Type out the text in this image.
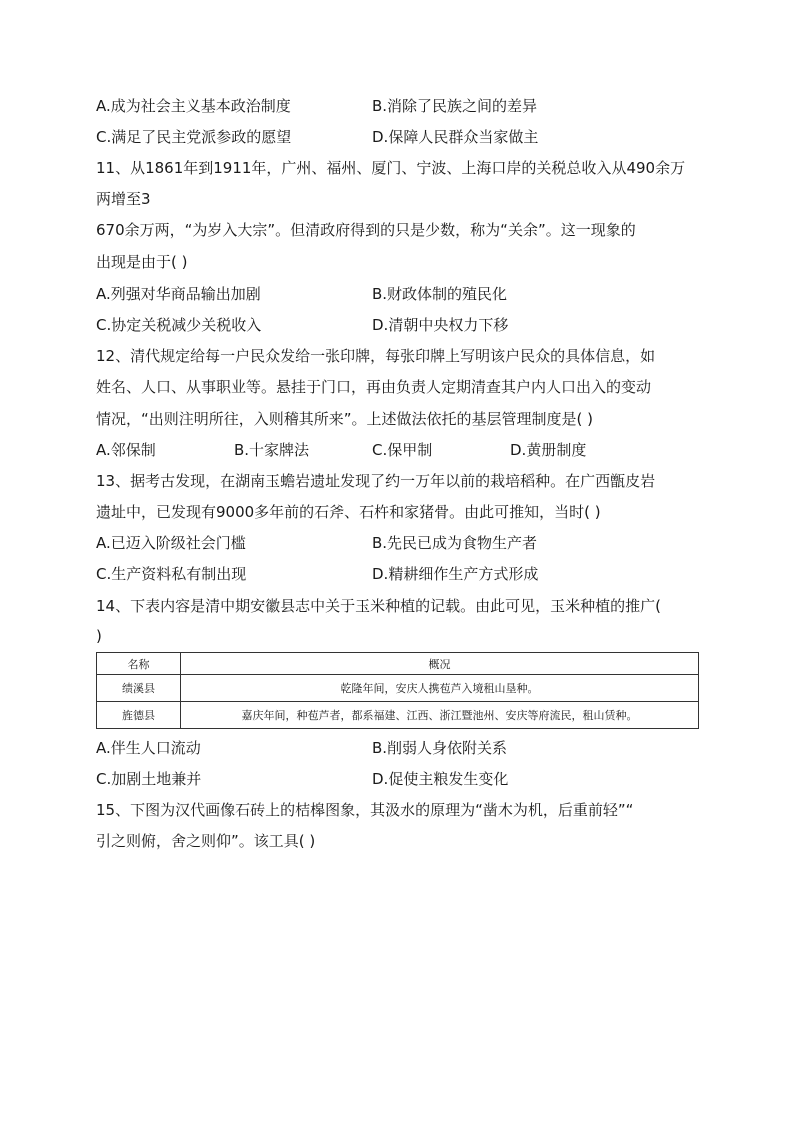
A.成为社会主义基本政治制度	B.消除了民族之间的差异
C.满足了民主党派参政的愿望	D.保障人民群众当家做主
11、从1861年到1911年，广州、福州、厦门、宁波、上海口岸的关税总收入从490余万
两增至3
670余万两，“为岁入大宗”。但清政府得到的只是少数，称为“关余”。这一现象的
出现是由于( )
A.列强对华商品输出加剧	B.财政体制的殖民化
C.协定关税减少关税收入	D.清朝中央权力下移
12、清代规定给每一户民众发给一张印牌，每张印牌上写明该户民众的具体信息，如
姓名、人口、从事职业等。悬挂于门口，再由负责人定期清查其户内人口出入的变动
情况，“出则注明所往，入则稽其所来”。上述做法依托的基层管理制度是( )
A.邻保制	B.十家牌法	C.保甲制	D.黄册制度
13、据考古发现，在湖南玉蟾岩遗址发现了约一万年以前的栽培稻种。在广西甑皮岩
遗址中，已发现有9000多年前的石斧、石杵和家猪骨。由此可推知，当时( )
A.已迈入阶级社会门槛	B.先民已成为食物生产者
C.生产资料私有制出现	D.精耕细作生产方式形成
14、下表内容是清中期安徽县志中关于玉米种植的记载。由此可见，玉米种植的推广(
)
名称	概况
绩溪县	乾隆年间，安庆人携苞芦入境租山垦种。
旌德县	嘉庆年间，种苞芦者，都系福建、江西、浙江暨池州、安庆等府流民，租山赁种。
A.伴生人口流动	B.削弱人身依附关系
C.加剧土地兼并	D.促使主粮发生变化
15、下图为汉代画像石砖上的桔槔图象，其汲水的原理为“凿木为机，后重前轻”“
引之则俯，舍之则仰”。该工具( )
